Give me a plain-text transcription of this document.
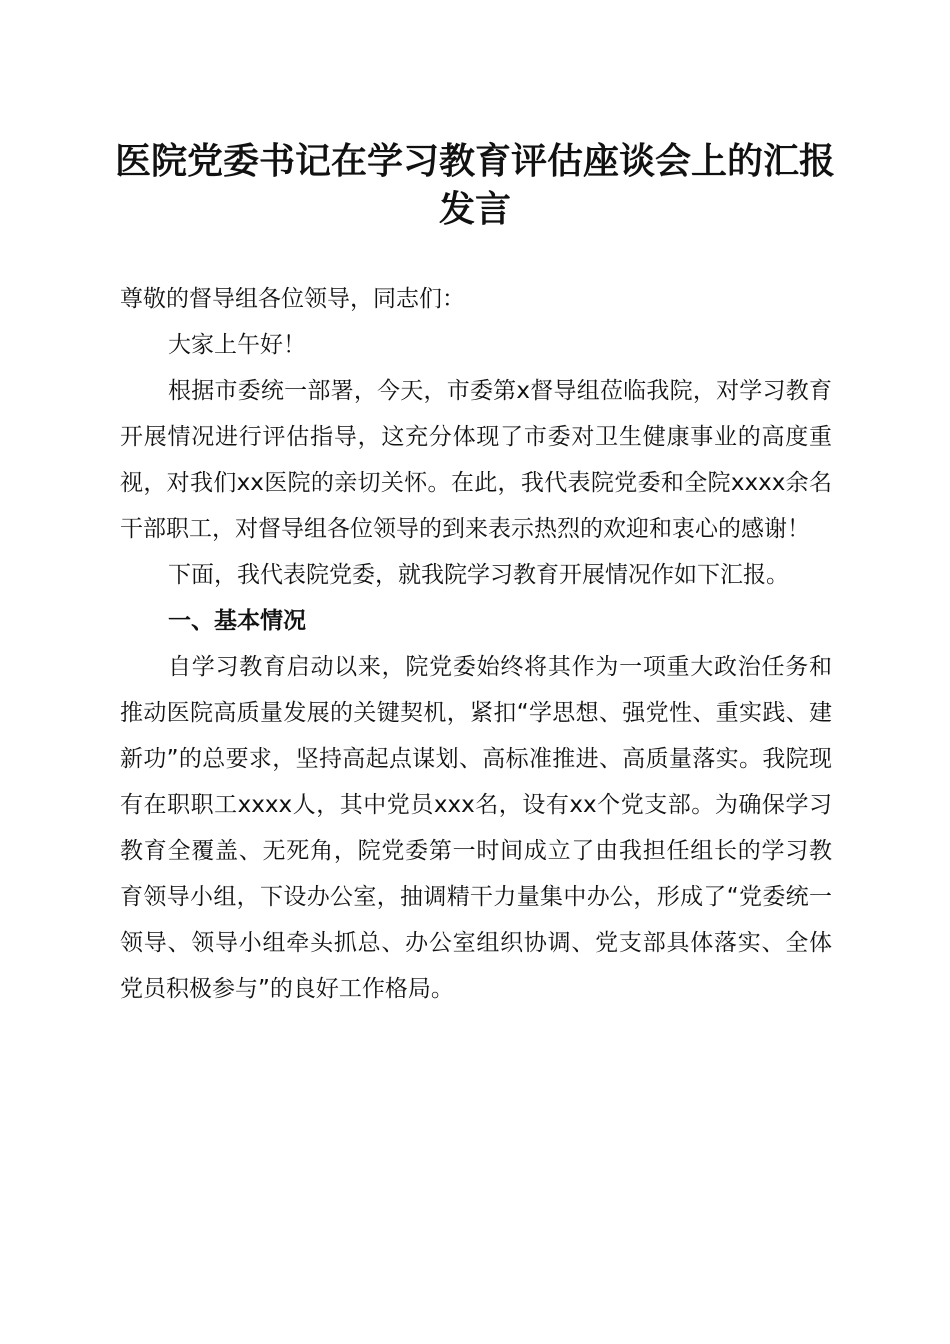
医院党委书记在学习教育评估座谈会上的汇报
发言

尊敬的督导组各位领导，同志们：

大家上午好！

根据市委统一部署，今天，市委第x督导组莅临我院，对学习教育开展情况进行评估指导，这充分体现了市委对卫生健康事业的高度重视，对我们xx医院的亲切关怀。在此，我代表院党委和全院xxxx余名干部职工，对督导组各位领导的到来表示热烈的欢迎和衷心的感谢！

下面，我代表院党委，就我院学习教育开展情况作如下汇报。

一、基本情况

自学习教育启动以来，院党委始终将其作为一项重大政治任务和推动医院高质量发展的关键契机，紧扣“学思想、强党性、重实践、建新功”的总要求，坚持高起点谋划、高标准推进、高质量落实。我院现有在职职工xxxx人，其中党员xxx名，设有xx个党支部。为确保学习教育全覆盖、无死角，院党委第一时间成立了由我担任组长的学习教育领导小组，下设办公室，抽调精干力量集中办公，形成了“党委统一领导、领导小组牵头抓总、办公室组织协调、党支部具体落实、全体党员积极参与”的良好工作格局。
